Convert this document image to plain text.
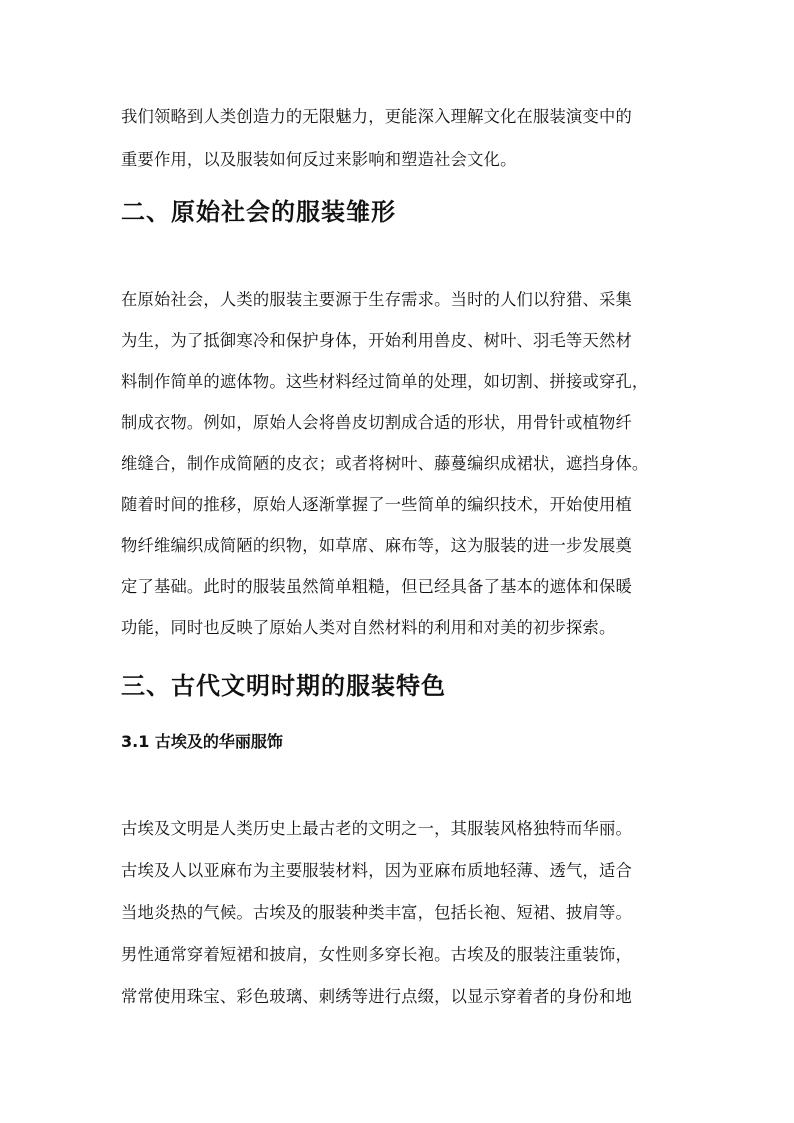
我们领略到人类创造力的无限魅力，更能深入理解文化在服装演变中的
重要作用，以及服装如何反过来影响和塑造社会文化。
二、原始社会的服装雏形
在原始社会，人类的服装主要源于生存需求。当时的人们以狩猎、采集
为生，为了抵御寒冷和保护身体，开始利用兽皮、树叶、羽毛等天然材
料制作简单的遮体物。这些材料经过简单的处理，如切割、拼接或穿孔，
制成衣物。例如，原始人会将兽皮切割成合适的形状，用骨针或植物纤
维缝合，制作成简陋的皮衣；或者将树叶、藤蔓编织成裙状，遮挡身体。
随着时间的推移，原始人逐渐掌握了一些简单的编织技术，开始使用植
物纤维编织成简陋的织物，如草席、麻布等，这为服装的进一步发展奠
定了基础。此时的服装虽然简单粗糙，但已经具备了基本的遮体和保暖
功能，同时也反映了原始人类对自然材料的利用和对美的初步探索。
三、古代文明时期的服装特色
3.1 古埃及的华丽服饰
古埃及文明是人类历史上最古老的文明之一，其服装风格独特而华丽。
古埃及人以亚麻布为主要服装材料，因为亚麻布质地轻薄、透气，适合
当地炎热的气候。古埃及的服装种类丰富，包括长袍、短裙、披肩等。
男性通常穿着短裙和披肩，女性则多穿长袍。古埃及的服装注重装饰，
常常使用珠宝、彩色玻璃、刺绣等进行点缀，以显示穿着者的身份和地
